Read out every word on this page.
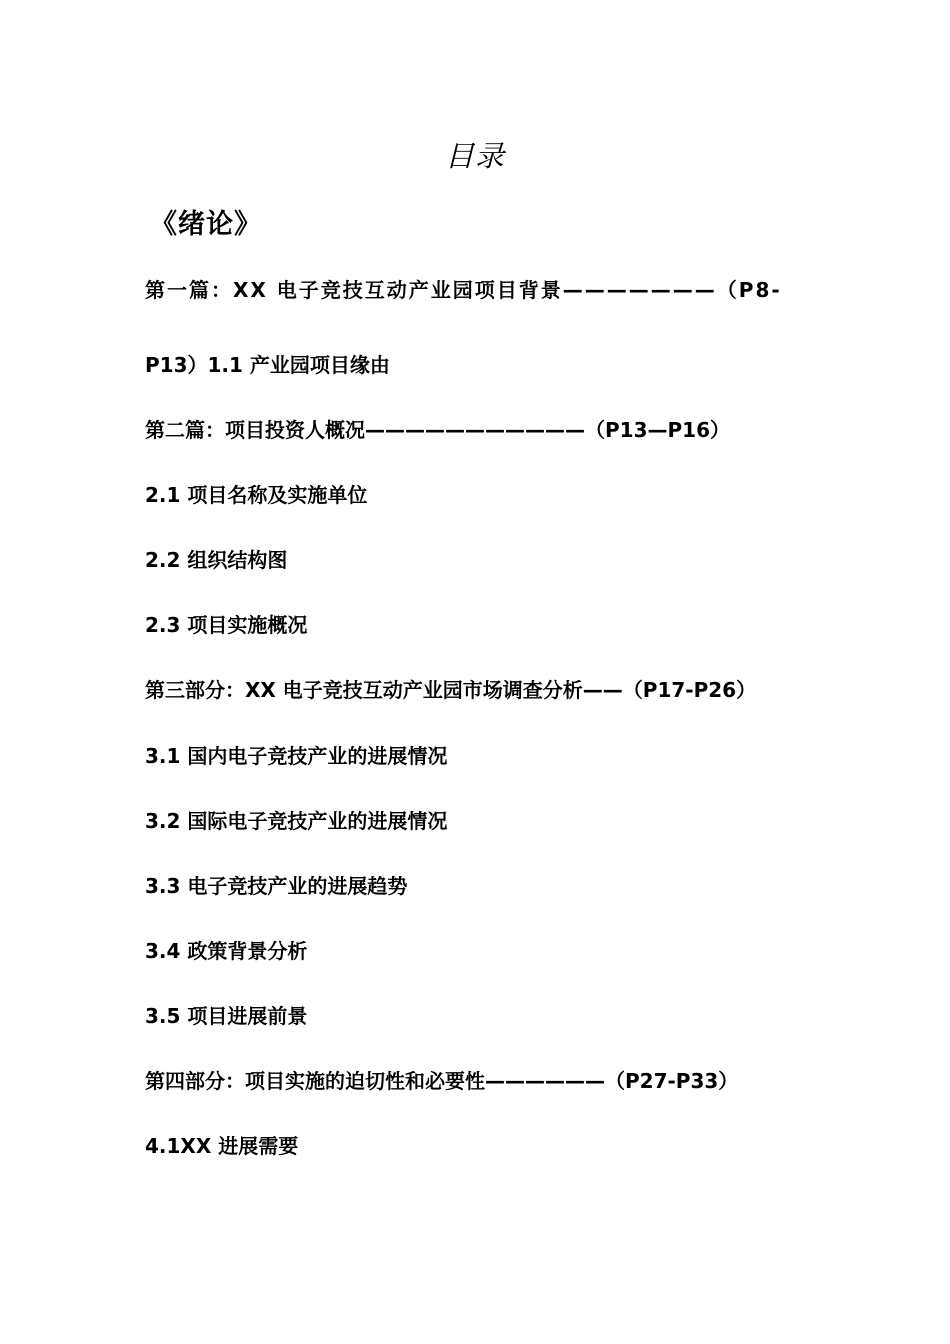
目录
《绪论》
第一篇：XX 电子竞技互动产业园项目背景———————（P8-
P13）1.1 产业园项目缘由
第二篇：项目投资人概况———————————（P13—P16）
2.1 项目名称及实施单位
2.2 组织结构图
2.3 项目实施概况
第三部分：XX 电子竞技互动产业园市场调查分析——（P17-P26）
3.1 国内电子竞技产业的进展情况
3.2 国际电子竞技产业的进展情况
3.3 电子竞技产业的进展趋势
3.4 政策背景分析
3.5 项目进展前景
第四部分：项目实施的迫切性和必要性——————（P27-P33）
4.1XX 进展需要
